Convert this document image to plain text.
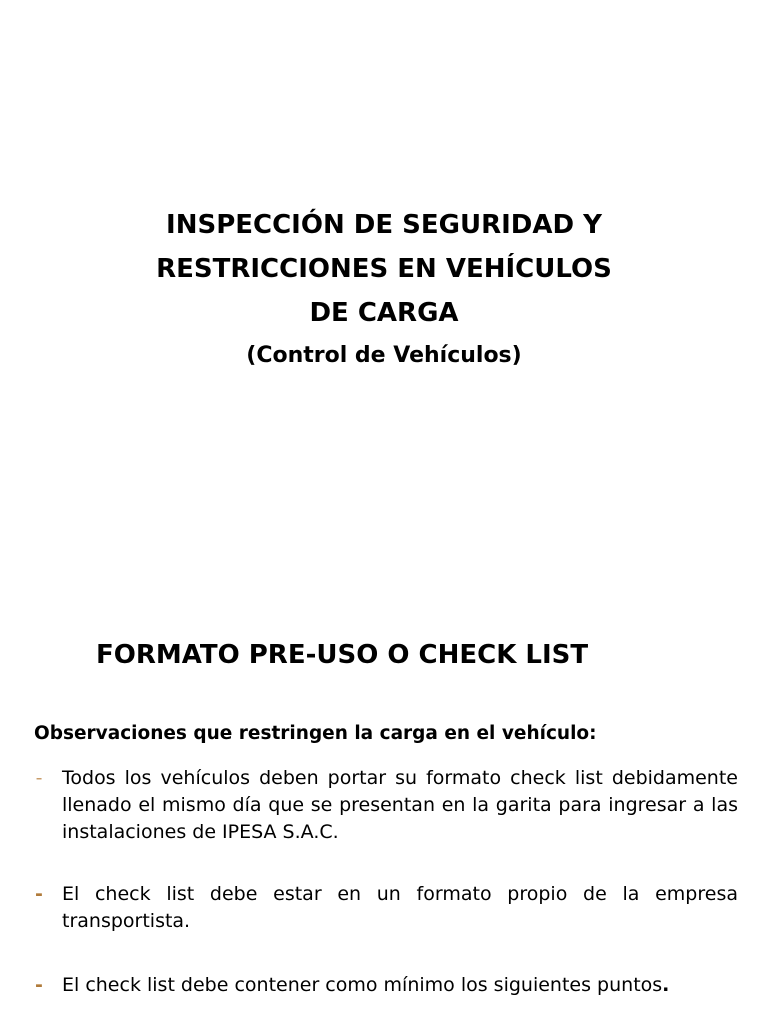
INSPECCIÓN DE SEGURIDAD Y
RESTRICCIONES EN VEHÍCULOS
DE CARGA
(Control de Vehículos)
FORMATO PRE-USO O CHECK LIST
Observaciones que restringen la carga en el vehículo:
- Todos los vehículos deben portar su formato check list debidamente llenado el mismo día que se presentan en la garita para ingresar a las instalaciones de IPESA S.A.C.
- El check list debe estar en un formato propio de la empresa transportista.
- El check list debe contener como mínimo los siguientes puntos.
